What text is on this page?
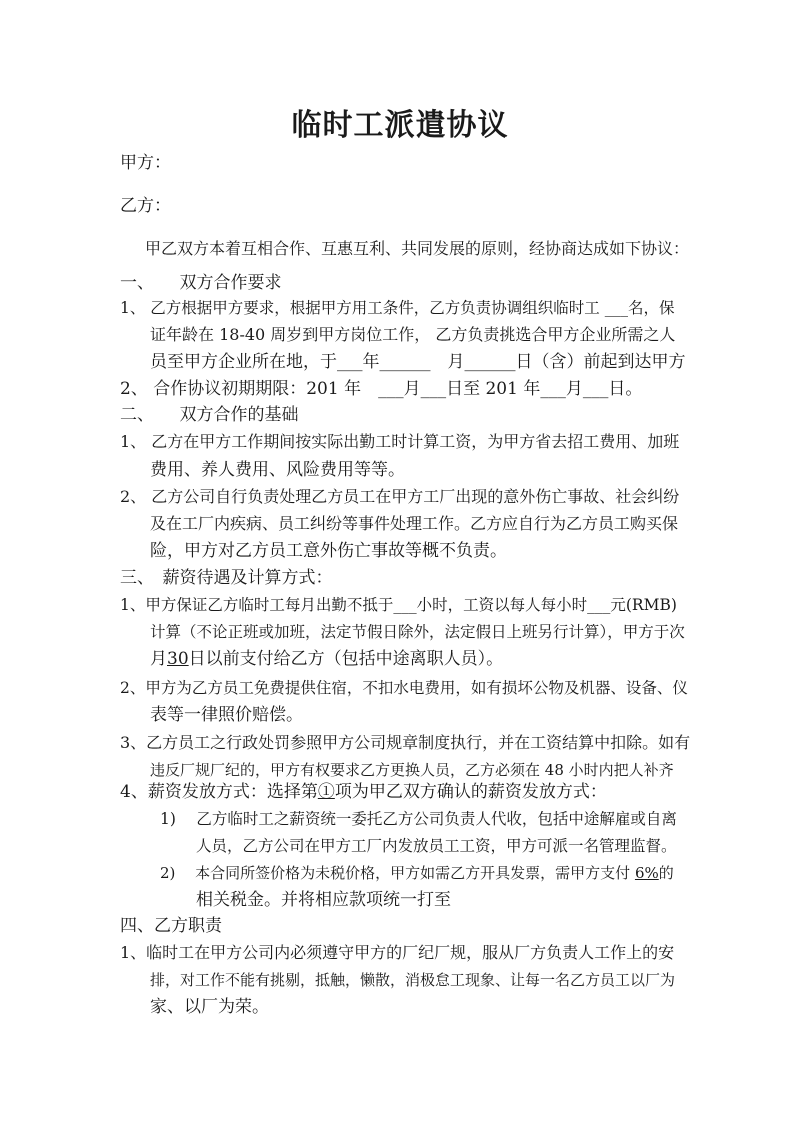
临时工派遣协议
甲方：
乙方：
甲乙双方本着互相合作、互惠互利、共同发展的原则，经协商达成如下协议：
一、　　双方合作要求
1、 乙方根据甲方要求，根据甲方用工条件，乙方负责协调组织临时工 ___名，保
证年龄在 18-40 周岁到甲方岗位工作， 乙方负责挑选合甲方企业所需之人
员至甲方企业所在地，于___年______　月______日（含）前起到达甲方
2、 合作协议初期期限：201 年　___月___日至 201 年___月___日。
二、　　双方合作的基础
1、 乙方在甲方工作期间按实际出勤工时计算工资，为甲方省去招工费用、加班
费用、养人费用、风险费用等等。
2、 乙方公司自行负责处理乙方员工在甲方工厂出现的意外伤亡事故、社会纠纷
及在工厂内疾病、员工纠纷等事件处理工作。乙方应自行为乙方员工购买保
险，甲方对乙方员工意外伤亡事故等概不负责。
三、　薪资待遇及计算方式：
1、甲方保证乙方临时工每月出勤不抵于___小时，工资以每人每小时___元(RMB)
计算（不论正班或加班，法定节假日除外，法定假日上班另行计算），甲方于次
月30日以前支付给乙方（包括中途离职人员）。
2、甲方为乙方员工免费提供住宿，不扣水电费用，如有损坏公物及机器、设备、仪
表等一律照价赔偿。
3、乙方员工之行政处罚参照甲方公司规章制度执行，并在工资结算中扣除。如有
违反厂规厂纪的，甲方有权要求乙方更换人员，乙方必须在 48 小时内把人补齐
4、薪资发放方式：选择第①项为甲乙双方确认的薪资发放方式：
1)　 乙方临时工之薪资统一委托乙方公司负责人代收，包括中途解雇或自离
人员，乙方公司在甲方工厂内发放员工工资，甲方可派一名管理监督。
2)　 本合同所签价格为未税价格，甲方如需乙方开具发票，需甲方支付 6%的
相关税金。并将相应款项统一打至
四、乙方职责
1、临时工在甲方公司内必须遵守甲方的厂纪厂规，服从厂方负责人工作上的安
排，对工作不能有挑剔，抵触，懒散，消极怠工现象、让每一名乙方员工以厂为
家、以厂为荣。
